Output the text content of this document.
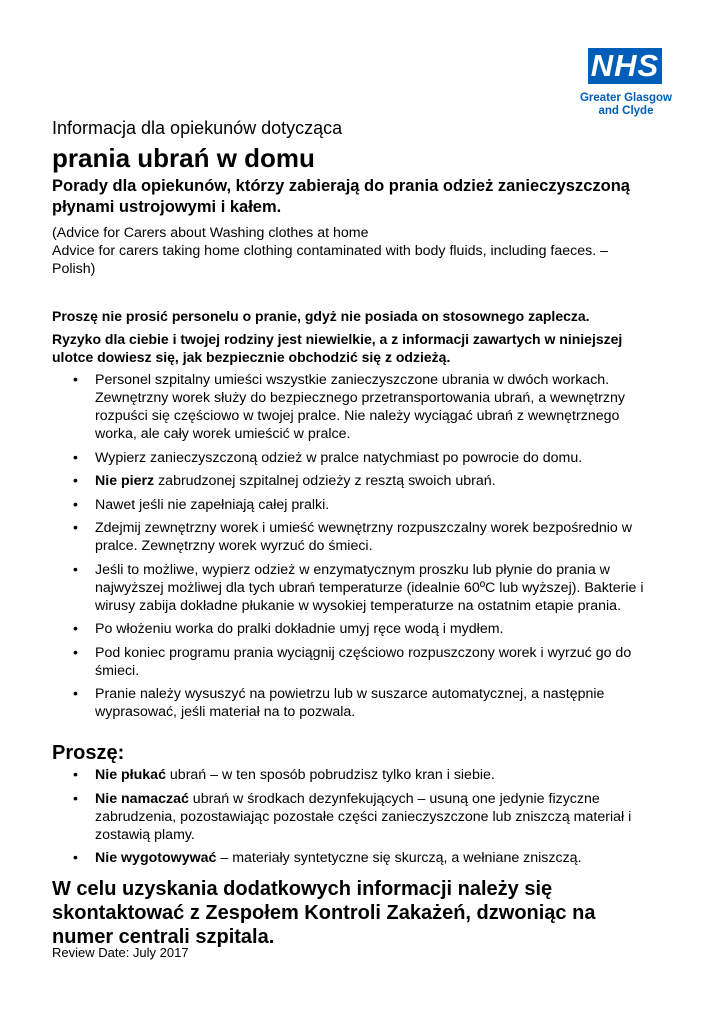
NHS
Greater Glasgow
and Clyde
Informacja dla opiekunów dotycząca
prania ubrań w domu
Porady dla opiekunów, którzy zabierają do prania odzież zanieczyszczoną płynami ustrojowymi i kałem.
(Advice for Carers about Washing clothes at home
Advice for carers taking home clothing contaminated with body fluids, including faeces. – Polish)
Proszę nie prosić personelu o pranie, gdyż nie posiada on stosownego zaplecza.
Ryzyko dla ciebie i twojej rodziny jest niewielkie, a z informacji zawartych w niniejszej ulotce dowiesz się, jak bezpiecznie obchodzić się z odzieżą.
• Personel szpitalny umieści wszystkie zanieczyszczone ubrania w dwóch workach. Zewnętrzny worek służy do bezpiecznego przetransportowania ubrań, a wewnętrzny rozpuści się częściowo w twojej pralce. Nie należy wyciągać ubrań z wewnętrznego worka, ale cały worek umieścić w pralce.
• Wypierz zanieczyszczoną odzież w pralce natychmiast po powrocie do domu.
• Nie pierz zabrudzonej szpitalnej odzieży z resztą swoich ubrań.
• Nawet jeśli nie zapełniają całej pralki.
• Zdejmij zewnętrzny worek i umieść wewnętrzny rozpuszczalny worek bezpośrednio w pralce. Zewnętrzny worek wyrzuć do śmieci.
• Jeśli to możliwe, wypierz odzież w enzymatycznym proszku lub płynie do prania w najwyższej możliwej dla tych ubrań temperaturze (idealnie 60ºC lub wyższej). Bakterie i wirusy zabija dokładne płukanie w wysokiej temperaturze na ostatnim etapie prania.
• Po włożeniu worka do pralki dokładnie umyj ręce wodą i mydłem.
• Pod koniec programu prania wyciągnij częściowo rozpuszczony worek i wyrzuć go do śmieci.
• Pranie należy wysuszyć na powietrzu lub w suszarce automatycznej, a następnie wyprasować, jeśli materiał na to pozwala.
Proszę:
• Nie płukać ubrań – w ten sposób pobrudzisz tylko kran i siebie.
• Nie namaczać ubrań w środkach dezynfekujących – usuną one jedynie fizyczne zabrudzenia, pozostawiając pozostałe części zanieczyszczone lub zniszczą materiał i zostawią plamy.
• Nie wygotowywać – materiały syntetyczne się skurczą, a wełniane zniszczą.
W celu uzyskania dodatkowych informacji należy się skontaktować z Zespołem Kontroli Zakażeń, dzwoniąc na numer centrali szpitala.
Review Date: July 2017
